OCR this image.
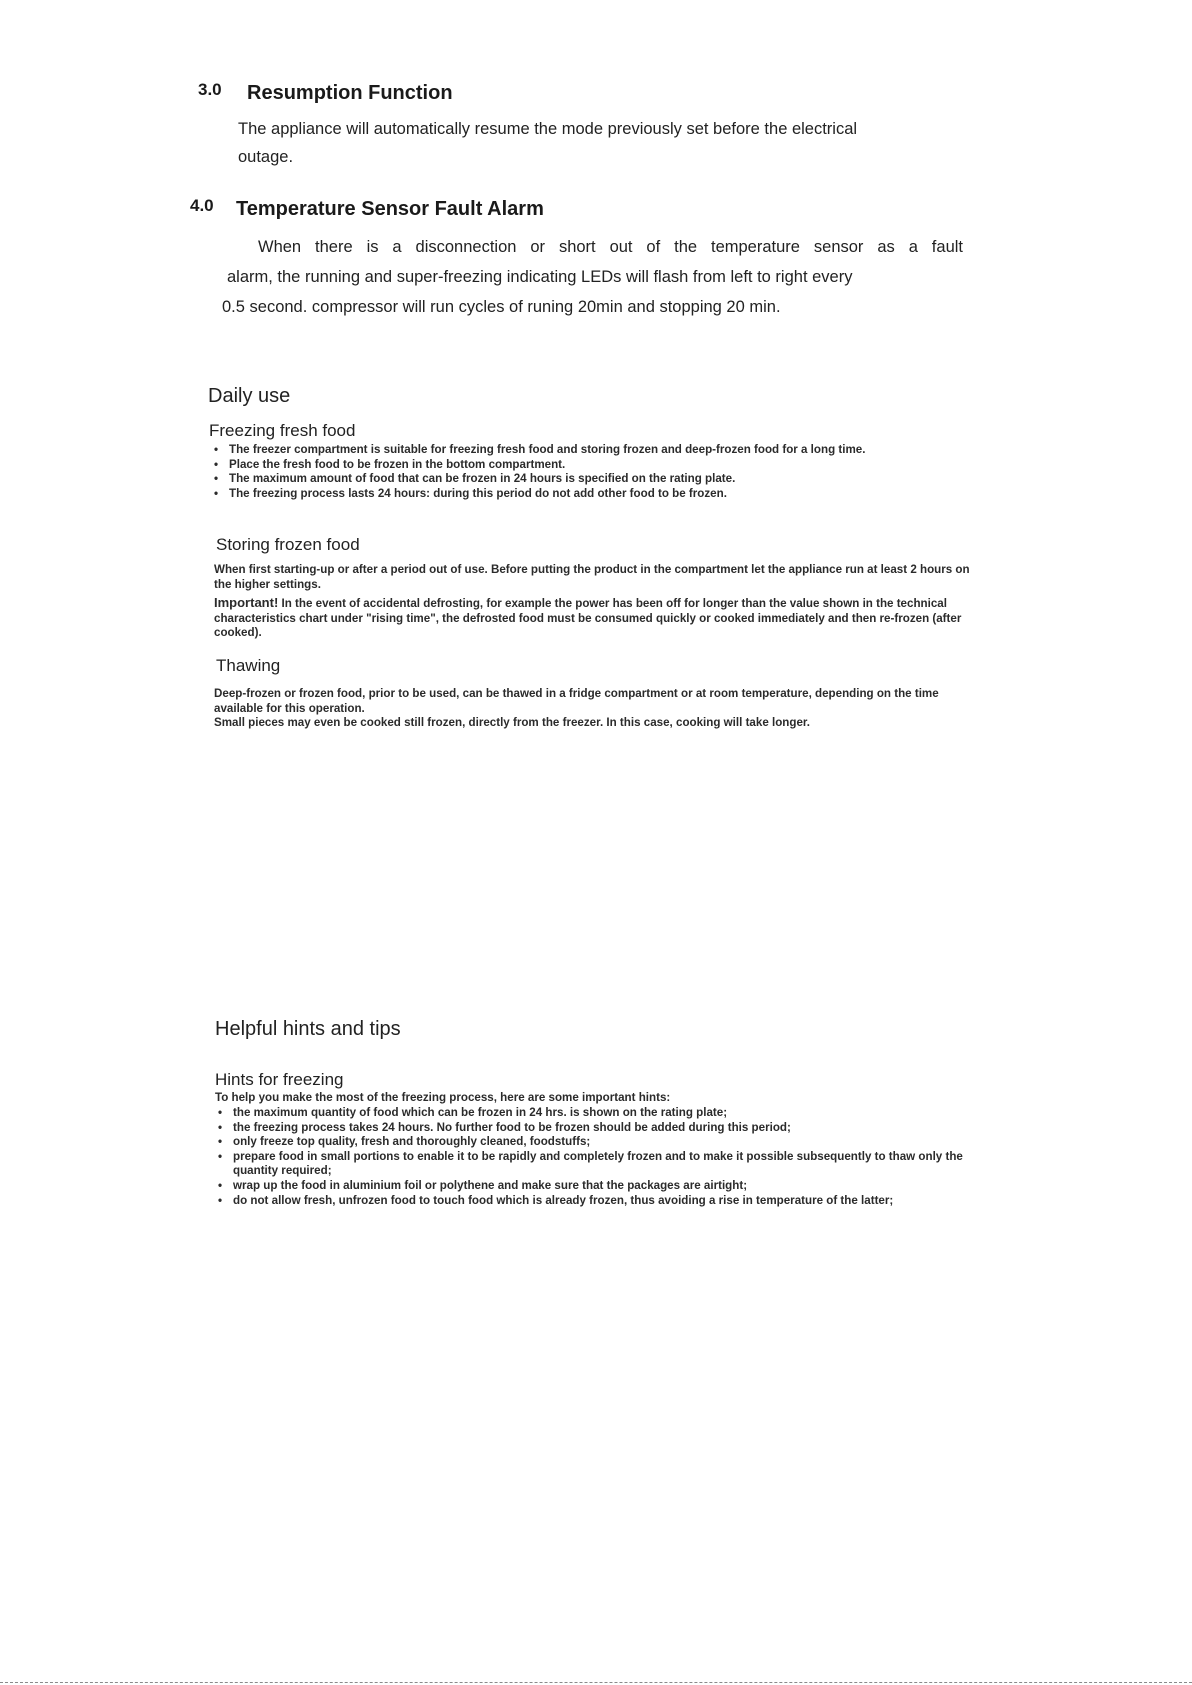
3.0 Resumption Function
The appliance will automatically resume the mode previously set before the electrical
outage.
4.0 Temperature Sensor Fault Alarm
When there is a disconnection or short out of the temperature sensor as a fault
alarm, the running and super-freezing indicating LEDs will flash from left to right every
0.5 second. compressor will run cycles of runing 20min and stopping 20 min.
Daily use
Freezing fresh food
• The freezer compartment is suitable for freezing fresh food and storing frozen and deep-frozen food for a long time.
• Place the fresh food to be frozen in the bottom compartment.
• The maximum amount of food that can be frozen in 24 hours is specified on the rating plate.
• The freezing process lasts 24 hours: during this period do not add other food to be frozen.
Storing frozen food

When first starting-up or after a period out of use. Before putting the product in the compartment let the appliance run at least 2 hours on the higher settings.

Important! In the event of accidental defrosting, for example the power has been off for longer than the value shown in the technical characteristics chart under "rising time", the defrosted food must be consumed quickly or cooked immediately and then re-frozen (after cooked).

Thawing

Deep-frozen or frozen food, prior to be used, can be thawed in a fridge compartment or at room temperature, depending on the time available for this operation.

Small pieces may even be cooked still frozen, directly from the freezer. In this case, cooking will take longer.

Helpful hints and tips
Hints for freezing
To help you make the most of the freezing process, here are some important hints:
• the maximum quantity of food which can be frozen in 24 hrs. is shown on the rating plate;
• the freezing process takes 24 hours. No further food to be frozen should be added during this period;
• only freeze top quality, fresh and thoroughly cleaned, foodstuffs;
• prepare food in small portions to enable it to be rapidly and completely frozen and to make it possible subsequently to thaw only the quantity required;
• wrap up the food in aluminium foil or polythene and make sure that the packages are airtight;
• do not allow fresh, unfrozen food to touch food which is already frozen, thus avoiding a rise in temperature of the latter;
